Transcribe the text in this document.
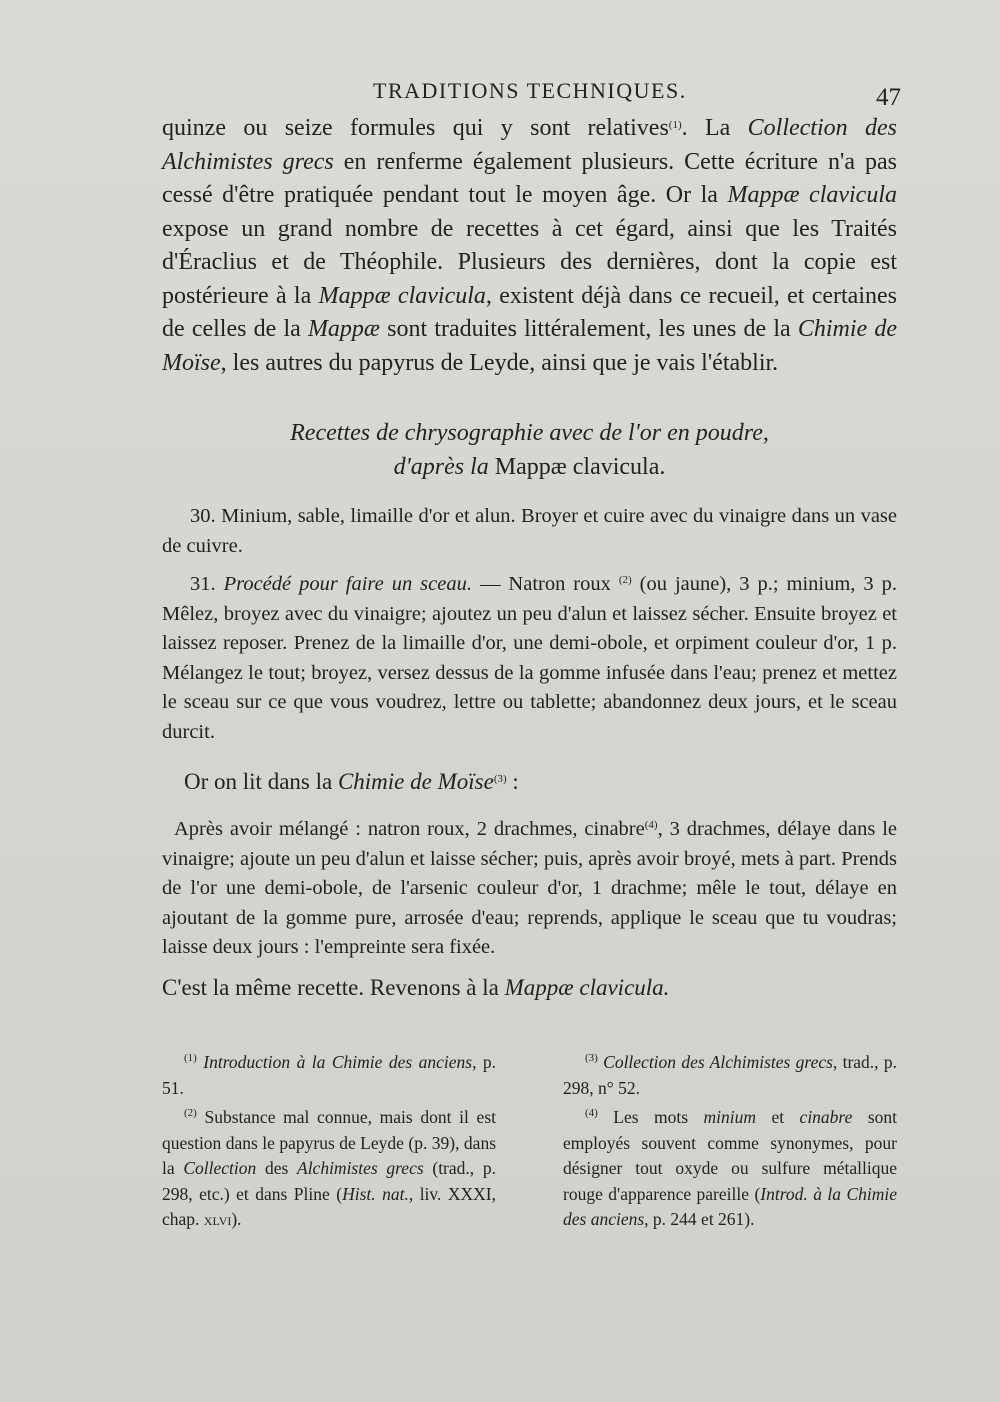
TRADITIONS TECHNIQUES.	47

quinze ou seize formules qui y sont relatives$^{(1)}$. La Collection des Alchimistes grecs en renferme également plusieurs. Cette écriture n'a pas cessé d'être pratiquée pendant tout le moyen âge. Or la Mappæ clavicula expose un grand nombre de recettes à cet égard, ainsi que les Traités d'Éraclius et de Théophile. Plusieurs des dernières, dont la copie est postérieure à la Mappæ clavicula, existent déjà dans ce recueil, et certaines de celles de la Mappæ sont traduites littéralement, les unes de la Chimie de Moïse, les autres du papyrus de Leyde, ainsi que je vais l'établir.

Recettes de chrysographie avec de l'or en poudre,
d'après la Mappæ clavicula.

30. Minium, sable, limaille d'or et alun. Broyer et cuire avec du vinaigre dans un vase de cuivre.

31. Procédé pour faire un sceau. — Natron roux $^{(2)}$ (ou jaune), 3 p.; minium, 3 p. Mêlez, broyez avec du vinaigre; ajoutez un peu d'alun et laissez sécher. Ensuite broyez et laissez reposer. Prenez de la limaille d'or, une demi-obole, et orpiment couleur d'or, 1 p. Mélangez le tout; broyez, versez dessus de la gomme infusée dans l'eau; prenez et mettez le sceau sur ce que vous voudrez, lettre ou tablette; abandonnez deux jours, et le sceau durcit.

Or on lit dans la Chimie de Moïse$^{(3)}$ :

Après avoir mélangé : natron roux, 2 drachmes, cinabre$^{(4)}$, 3 drachmes, délaye dans le vinaigre; ajoute un peu d'alun et laisse sécher; puis, après avoir broyé, mets à part. Prends de l'or une demi-obole, de l'arsenic couleur d'or, 1 drachme; mêle le tout, délaye en ajoutant de la gomme pure, arrosée d'eau; reprends, applique le sceau que tu voudras; laisse deux jours : l'empreinte sera fixée.

C'est la même recette. Revenons à la Mappæ clavicula.

$^{(1)}$ Introduction à la Chimie des anciens, p. 51.

$^{(2)}$ Substance mal connue, mais dont il est question dans le papyrus de Leyde (p. 39), dans la Collection des Alchimistes grecs (trad., p. 298, etc.) et dans Pline (Hist. nat., liv. XXXI, chap. xlvi).

$^{(3)}$ Collection des Alchimistes grecs, trad., p. 298, n° 52.

$^{(4)}$ Les mots minium et cinabre sont employés souvent comme synonymes, pour désigner tout oxyde ou sulfure métallique rouge d'apparence pareille (Introd. à la Chimie des anciens, p. 244 et 261).
